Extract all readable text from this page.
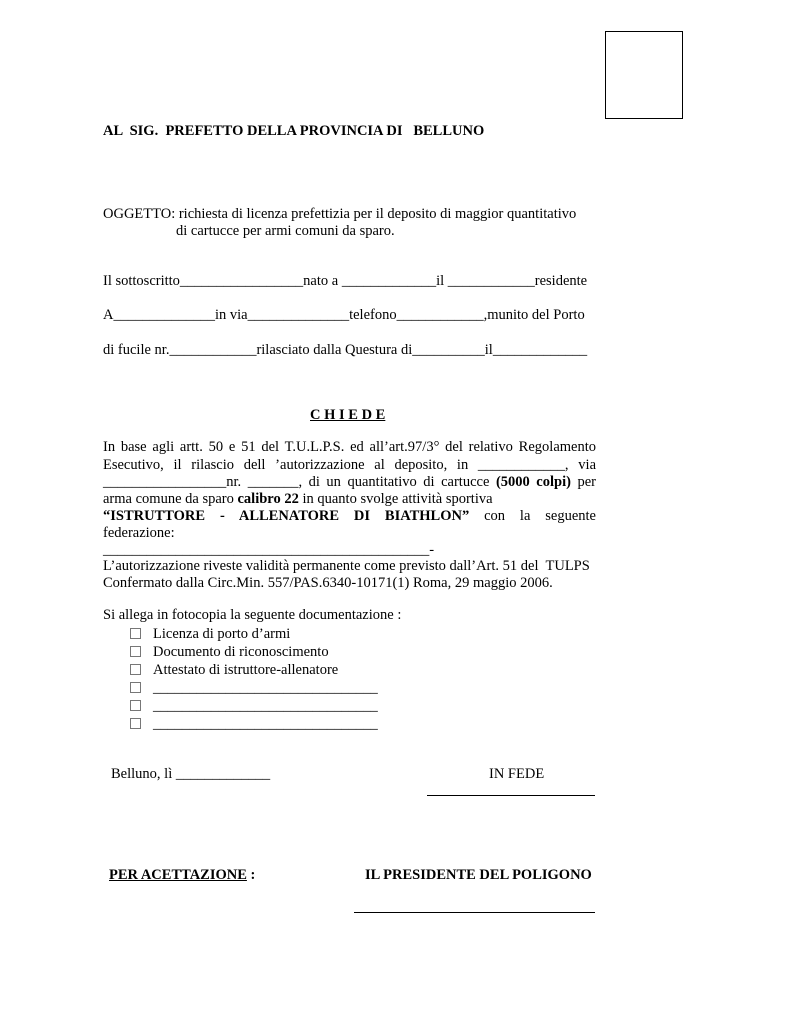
AL  SIG.  PREFETTO DELLA PROVINCIA DI   BELLUNO
OGGETTO: richiesta di licenza prefettizia per il deposito di maggior quantitativo
di cartucce per armi comuni da sparo.
Il sottoscritto_________________nato a _____________il ____________residente
A______________in via______________telefono____________,munito del Porto
di fucile nr.____________rilasciato dalla Questura di__________il_____________
C H I E D E
In base agli artt. 50 e 51 del T.U.L.P.S. ed all’art.97/3° del relativo Regolamento
Esecutivo, il rilascio dell ’autorizzazione al deposito, in ____________, via
_________________nr. _______, di un quantitativo di cartucce (5000 colpi) per
arma comune da sparo calibro 22 in quanto svolge attività sportiva
“ISTRUTTORE - ALLENATORE DI BIATHLON” con la seguente
federazione:
_____________________________________________-
L’autorizzazione riveste validità permanente come previsto dall’Art. 51 del  TULPS
Confermato dalla Circ.Min. 557/PAS.6340-10171(1) Roma, 29 maggio 2006.
Si allega in fotocopia la seguente documentazione :
Licenza di porto d’armi
Documento di riconoscimento
Attestato di istruttore-allenatore
_______________________________
_______________________________
_______________________________
Belluno, lì _____________	IN FEDE
PER ACETTAZIONE :	IL PRESIDENTE DEL POLIGONO
